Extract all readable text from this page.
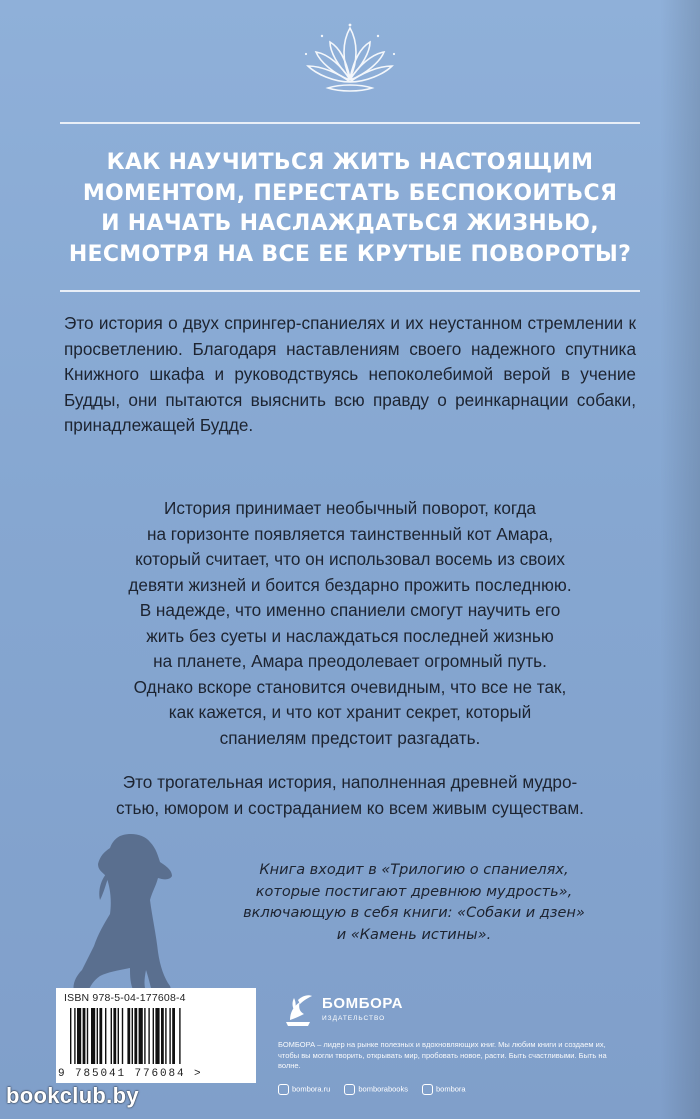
КАК НАУЧИТЬСЯ ЖИТЬ НАСТОЯЩИМ
МОМЕНТОМ, ПЕРЕСТАТЬ БЕСПОКОИТЬСЯ
И НАЧАТЬ НАСЛАЖДАТЬСЯ ЖИЗНЬЮ,
НЕСМОТРЯ НА ВСЕ ЕЕ КРУТЫЕ ПОВОРОТЫ?
Это история о двух спрингер-спаниелях и их неустанном стремлении к просветлению. Благодаря наставлениям своего надежного спутника Книжного шкафа и руководствуясь непоколебимой верой в учение Будды, они пытаются выяснить всю правду о реинкарнации собаки, принадлежащей Будде.
История принимает необычный поворот, когда
на горизонте появляется таинственный кот Амара,
который считает, что он использовал восемь из своих
девяти жизней и боится бездарно прожить последнюю.
В надежде, что именно спаниели смогут научить его
жить без суеты и наслаждаться последней жизнью
на планете, Амара преодолевает огромный путь.
Однако вскоре становится очевидным, что все не так,
как кажется, и что кот хранит секрет, который
спаниелям предстоит разгадать.
Это трогательная история, наполненная древней мудро-
стью, юмором и состраданием ко всем живым существам.
Книга входит в «Трилогию о спаниелях,
которые постигают древнюю мудрость»,
включающую в себя книги: «Собаки и дзен»
и «Камень истины».
ISBN 978-5-04-177608-4
9 785041 776084 >
БОМБОРА
ИЗДАТЕЛЬСТВО
БОМБОРА – лидер на рынке полезных и вдохновляющих книг. Мы любим книги и создаем их, чтобы вы могли творить, открывать мир, пробовать новое, расти. Быть счастливыми. Быть на волне.
bombora.ru	bomborabooks	bombora
bookclub.by
